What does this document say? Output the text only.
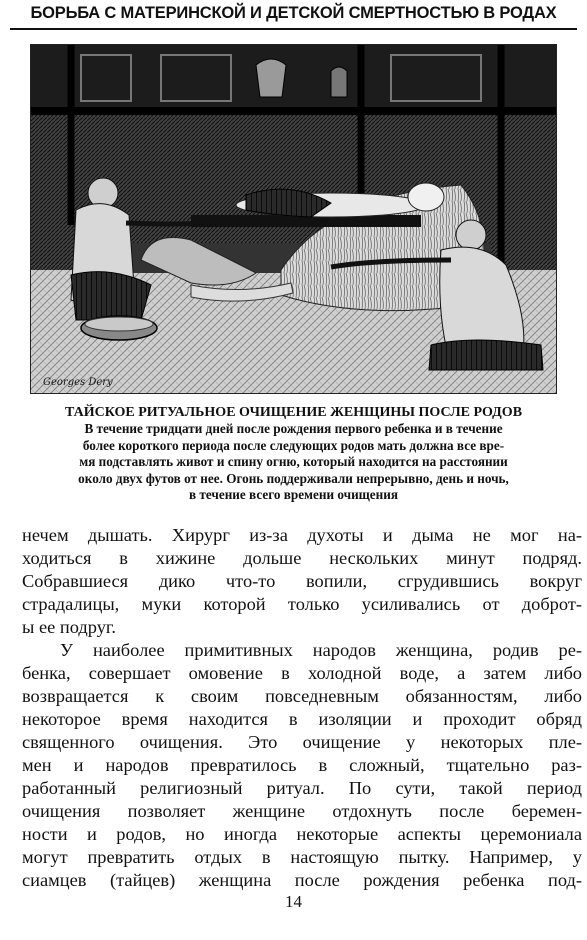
БОРЬБА С МАТЕРИНСКОЙ И ДЕТСКОЙ СМЕРТНОСТЬЮ В РОДАХ
Georges Dery
ТАЙСКОЕ РИТУАЛЬНОЕ ОЧИЩЕНИЕ ЖЕНЩИНЫ ПОСЛЕ РОДОВ
В течение тридцати дней после рождения первого ребенка и в течение
более короткого периода после следующих родов мать должна все вре-
мя подставлять живот и спину огню, который находится на расстоянии
около двух футов от нее. Огонь поддерживали непрерывно, день и ночь,
в течение всего времени очищения
нечем дышать. Хирург из-за духоты и дыма не мог на-
ходиться в хижине дольше нескольких минут подряд.
Собравшиеся дико что-то вопили, сгрудившись вокруг
страдалицы, муки которой только усиливались от доброт-
ы ее подруг.
У наиболее примитивных народов женщина, родив ре-
бенка, совершает омовение в холодной воде, а затем либо
возвращается к своим повседневным обязанностям, либо
некоторое время находится в изоляции и проходит обряд
священного очищения. Это очищение у некоторых пле-
мен и народов превратилось в сложный, тщательно раз-
работанный религиозный ритуал. По сути, такой период
очищения позволяет женщине отдохнуть после беремен-
ности и родов, но иногда некоторые аспекты церемониала
могут превратить отдых в настоящую пытку. Например, у
сиамцев (тайцев) женщина после рождения ребенка под-
14
